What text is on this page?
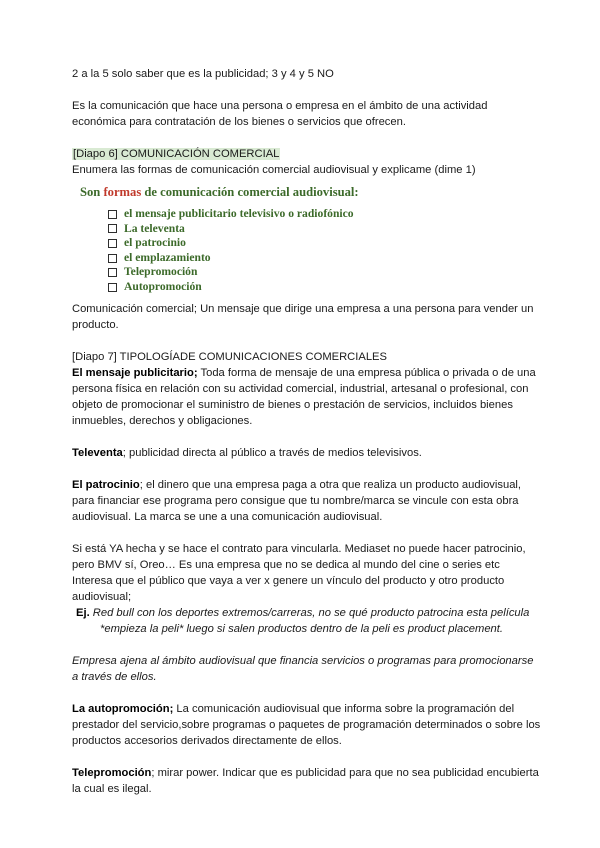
2 a la 5 solo saber que es la publicidad; 3 y 4 y 5 NO

Es la comunicación que hace una persona o empresa en el ámbito de una actividad económica para contratación de los bienes o servicios que ofrecen.

[Diapo 6] COMUNICACIÓN COMERCIAL

Enumera las formas de comunicación comercial audiovisual y explicame (dime 1)

Son formas de comunicación comercial audiovisual:
el mensaje publicitario televisivo o radiofónico
La televenta
el patrocinio
el emplazamiento
Telepromoción
Autopromoción

Comunicación comercial; Un mensaje que dirige una empresa a una persona para vender un producto.

[Diapo 7] TIPOLOGÍADE COMUNICACIONES COMERCIALES

El mensaje publicitario; Toda forma de mensaje de una empresa pública o privada o de una persona física en relación con su actividad comercial, industrial, artesanal o profesional, con objeto de promocionar el suministro de bienes o prestación de servicios, incluidos bienes inmuebles, derechos y obligaciones.

Televenta; publicidad directa al público a través de medios televisivos.

El patrocinio; el dinero que una empresa paga a otra que realiza un producto audiovisual, para financiar ese programa pero consigue que tu nombre/marca se vincule con esta obra audiovisual. La marca se une a una comunicación audiovisual.

Si está YA hecha y se hace el contrato para vincularla. Mediaset no puede hacer patrocinio, pero BMV sí, Oreo… Es una empresa que no se dedica al mundo del cine o series etc Interesa que el público que vaya a ver x genere un vínculo del producto y otro producto audiovisual;

Ej. Red bull con los deportes extremos/carreras, no se qué producto patrocina esta película

*empieza la peli* luego si salen productos dentro de la peli es product placement.

Empresa ajena al ámbito audiovisual que financia servicios o programas para promocionarse a través de ellos.

La autopromoción; La comunicación audiovisual que informa sobre la programación del prestador del servicio,sobre programas o paquetes de programación determinados o sobre los productos accesorios derivados directamente de ellos.

Telepromoción; mirar power. Indicar que es publicidad para que no sea publicidad encubierta la cual es ilegal.
